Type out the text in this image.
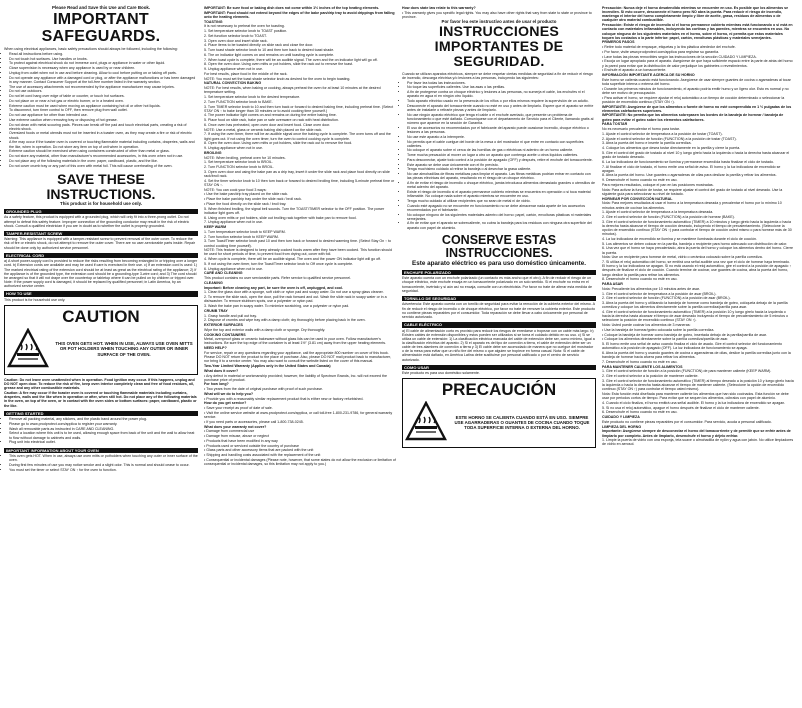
Please Read and Save this Use and Care Book.

IMPORTANT SAFEGUARDS.

When using electrical appliances, basic safety precautions should always be followed, including the following:

• Read all instructions before using.
• Do not touch hot surfaces. Use handles or knobs.
• To protect against electrical shock do not immerse cord, plugs or appliance in water or other liquid.
• Close supervision is necessary when any appliance is used by or near children.
• Unplug from outlet when not in use and before cleaning. Allow to cool before putting on or taking off parts.
• Do not operate any appliance with a damaged cord or plug, or after the appliance malfunctions or has been damaged in any manner. Contact Consumer Support at the toll-free number listed in the warranty section.
• The use of accessory attachments not recommended by the appliance manufacturer may cause injuries.
• Do not use outdoors.
• Do not let cord hang over edge of table or counter, or touch hot surfaces.
• Do not place on or near a hot gas or electric burner, or in a heated oven.
• Extreme caution must be used when moving an appliance containing hot oil or other hot liquids.
• To disconnect, turn timer control to OFF, then remove plug from wall outlet.
• Do not use appliance for other than intended use.
• Use extreme caution when removing tray or disposing of hot grease.
• Do not clean with metal scouring pads. Pieces can break off the pad and touch electrical parts, creating a risk of electric shock.
• Oversized foods or metal utensils must not be inserted in a toaster oven, as they may create a fire or risk of electric shock.
• A fire may occur if the toaster oven is covered or touching flammable material including curtains, draperies, walls and the like, when in operation. Do not store any item on top of unit when in operation.
• Extreme caution should be exercised when using containers constructed of other than metal or glass.
• Do not store any material, other than manufacturer's recommended accessories, in this oven when not in use.
• Do not place any of the following materials in the oven: paper, cardboard, plastic, and the like.
• Do not cover crumb tray or any part of this oven with metal foil. This will cause overheating of the oven.
SAVE THESE INSTRUCTIONS.

This product is for household use only.

GROUNDED PLUG

As a safety feature, this product is equipped with a grounded plug, which will only fit into a three-prong outlet. Do not attempt to defeat this safety feature. Improper connection of the grounding conductor may result in the risk of electric shock. Consult a qualified electrician if you are in doubt as to whether the outlet is properly grounded.

TAMPER-RESISTANT SCREW

Warning: This appliance is equipped with a tamper-resistant screw to prevent removal of the outer cover. To reduce the risk of fire or electric shock, do not attempt to remove the outer cover. There are no user-serviceable parts inside. Repair should be done only by authorized service personnel.

ELECTRICAL CORD

a) A short power-supply cord is provided to reduce the risks resulting from becoming entangled in or tripping over a longer cord. b) Extension cords are available and may be used if care is exercised in their use. c) If an extension cord is used: 1) The marked electrical rating of the extension cord should be at least as great as the electrical rating of the appliance; 2) If the appliance is of the grounded type, the extension cord should be a grounding-type 3-wire cord; and 3) The cord should be arranged so that it will not drape over the countertop or tabletop where it can be pulled on by children or tripped over. Note: If the power supply cord is damaged, it should be replaced by qualified personnel; in Latin America, by an authorized service center.

HOW TO USE

This product is for household use only.

CAUTION
THIS OVEN GETS HOT. WHEN IN USE, ALWAYS USE OVEN MITTS OR POT HOLDERS WHEN TOUCHING ANY OUTER OR INNER SURFACE OF THE OVEN.

Caution: Do not leave oven unattended when in operation. Food ignition may occur. If this happens, unplug and DO NOT open door. To reduce the risk of fire, keep oven interior completely clean and free of food residues, oil, grease and any other combustible materials.

Caution: A fire may occur if the toaster oven is covered or touching flammable materials including curtains, draperies, walls and the like when in operation or after, when still hot. Do not place any of the following materials in the oven, on top of the oven, or in contact with the oven sides or bottom surfaces: paper, cardboard, plastic or the like.

GETTING STARTED
• Remove all packing material, any stickers, and the plastic band around the power plug.
• Please go to www.prodprotect.com/applica to register your warranty.
• Wash all removable parts as instructed in CARE AND CLEANING.
• Select a location where this unit is to be used, allowing enough space from back of the unit and the wall to allow heat to flow without damage to cabinets and walls.
• Plug unit into electrical outlet.
IMPORTANT INFORMATION ABOUT YOUR OVEN
• This oven gets HOT. When in use, always use oven mitts or potholders when touching any outer or inner surface of the oven.
• During first few minutes of use you may notice smoke and a slight odor. This is normal and should cease to occur.
• You must set the timer or select STAY ON ↑ for the oven to function.

IMPORTANT: Be sure food or baking dish does not come within 1½ inches of the top heating elements.

IMPORTANT: Food should not extend beyond the edges of the bake pan/drip tray to avoid drippings from falling onto the heating elements.

TOASTING

It is not necessary to preheat the oven for toasting.

1. Set temperature selector knob to TOAST position.

2. Set function selector knob to TOAST.

3. Open oven door and insert slide rack.

4. Place items to be toasted directly on slide rack and close the door.

5. Turn toast shade selector knob to 10 and then turn back to desired toast shade.

6. The on indicator light comes on and remains on until toasting cycle is complete.

7. When toast cycle is complete, there will be an audible signal. The oven and the on indicator light will go off.

8. Open the oven door. Using oven mitts or pot holders, slide the rack out to remove the toast.

9. Unplug appliance when not in use.

For best results, place food in the middle of the rack.

NOTE: You must set the toast shade selector knob as desired for the oven to begin toasting.

NATURAL CONVECTION BAKING

NOTE: For best results, when baking or cooking, always preheat the oven for at least 10 minutes at the desired temperature setting.

1. Set temperature selector knob to the desired temperature.

2. Turn FUNCTION selector knob to BAKE.

3. Turn TIMER selector knob to 10 and then turn back or forward to desired baking time, including preheat time. (Select STAY ON ↑ to bake longer than 30 minutes or to avoid cooking time yourself.)

4. The power indicator light comes on and remains on during the entire baking time.

5. Place food on slide rack, bake pan or safe ovenware on rack with heat distribution.

6. Once oven has preheated, open oven door and insert food. Close oven door.

NOTE: Use a metal, glass or ceramic baking dish placed on the slide rack.

7. If using the oven timer, there will be an audible signal once the baking cycle is complete. The oven turns off and the light goes out. If not using the oven timer, turn the oven to control cooking cycle is complete.

8. Open the oven door. Using oven mitts or pot holders, slide the rack out to remove the food.

9. Unplug appliance when not in use.

BROILING

NOTE: When broiling, preheat oven for 10 minutes.

1. Set temperature selector knob to BROIL.

2. Turn FUNCTION selector knob to BROIL.

3. Open oven door and using the bake pan as a drip tray, insert it under the slide rack and place food directly on slide rack/broil rack.

4. Set the timer selector knob to 10 then turn back or forward to desired broiling time, including 5-minute preheat time or STAY ON ↑.

NOTE: You can cook your food 3 ways:

• Use the bake pan/drip tray placed on the slide rack.

• Place the bake pan/drip tray under the slide rack / broil rack.

• Place the food directly on the slide rack / broil tray.

5. When finished broiling, the signal bell sounds. Turn the TOAST/TIMER selector to the OFF position. The power indicator light goes off.

6. Using oven mitts or pot holders, slide out broiling rack together with bake pan to remove food.

7. Unplug appliance when not in use.

KEEP WARM

1. Turn temperature selector knob to KEEP WARM.

2. Turn function selector knob to KEEP WARM.

3. Turn Toast/Timer selector knob past 10 and then turn back or forward to desired warming time. (Select Stay On ↑ to control cooking time yourself).

NOTE: This feature is designed to keep already cooked foods warm after they have been cooked. This function should be used for short periods of time, to prevent food from drying out, cover with foil.

4. When cycle is complete, there will be an audible signal. The oven and the power ON indicator light will go off.

5. If not using the oven timer, turn the Toast/Timer selector knob to Off once cycle is complete.

6. Unplug appliance when not in use.

CARE AND CLEANING

This product contains no user serviceable parts. Refer service to qualified service personnel.

CLEANING

Important: Before cleaning any part, be sure the oven is off, unplugged, and cool.

1. Clean the glass door with a sponge, soft cloth or nylon pad and soapy water. Do not use a spray glass cleaner.

2. To remove the slide rack, open the door, pull the rack forward and out. Wash the slide rack in soapy water or in a dishwasher. To remove stubborn spots, use a polyester or nylon pad.

3. Wash the bake pan in soapy water. To minimize scratching, use a polyester or nylon pad.

CRUMB TRAY

1. Grasp handle and pull out tray.

2. Dispose of crumbs and wipe tray with a damp cloth; dry thoroughly before placing back in the oven.

EXTERIOR SURFACES

Wipe the top and exterior walls with a damp cloth or sponge. Dry thoroughly.

COOKING CONTAINERS

Metal, ovenproof glass or ceramic bakeware without glass lids can be used in your oven. Follow manufacturer's instructions. Be sure the top edge of the container is at least 1½" (3.81 cm) away from the upper heating elements.

NEED HELP?

For service, repair or any questions regarding your appliance, call the appropriate 800 number on cover of this book. Please DO NOT return the product to the place of purchase. Also, please DO NOT mail product back to manufacturer, nor bring it to a service center. You may also want to consult the website listed on the cover of this manual.

Two-Year Limited Warranty (Applies only in the United States and Canada)

What does it cover?

• Any defect in material or workmanship provided; however, the liability of Spectrum Brands, Inc. will not exceed the purchase price of product.

For how long?

• Two years from the date of original purchase with proof of such purchase.

What will we do to help you?

• Provide you with a reasonably similar replacement product that is either new or factory refurbished.

How do you get service?

• Save your receipt as proof of date of sale.

• Visit the online service website at www.prodprotect.com/applica, or call toll-free 1-800-231-9786, for general warranty service.

• If you need parts or accessories, please call 1-800-738-0245.

What does your warranty not cover?

• Damage from commercial use

• Damage from misuse, abuse or neglect

• Products that have been modified in any way

• Products used or serviced outside the country of purchase

• Glass parts and other accessory items that are packed with the unit

• Shipping and handling costs associated with the replacement of the unit

• Consequential or incidental damages (Please note, however, that some states do not allow the exclusion or limitation of consequential or incidental damages, so this limitation may not apply to you.)

How does state law relate to this warranty?

• This warranty gives you specific legal rights. You may also have other rights that vary from state to state or province to province.

Por favor lea este instructivo antes de usar el producto

INSTRUCCIONES IMPORTANTES DE SEGURIDAD.

Cuando se utilizan aparatos eléctricos, siempre se debe respetar ciertas medidas de seguridad a fin de reducir el riesgo de incendio, descarga eléctrica y/o lesiones a las personas, incluyendo las siguientes:

• Por favor lea todas las instrucciones.
• No toque las superficies calientes. Use las asas o las perillas.
• A fin de protegerse contra un choque eléctrico y lesiones a las personas, no sumerja el cable, los enchufes ni el aparato en agua ni en ningún otro líquido.
• Todo aparato eléctrico usado en la presencia de los niños o por ellos mismos requiere la supervisión de un adulto.
• Desconecte el aparato del tomacorriente cuando no esté en uso y antes de limpiarlo. Espere que el aparato se enfríe antes de instalarle o retirarle piezas y antes de limpiarlo.
• No use ningún aparato eléctrico que tenga el cable o el enchufe averiado, que presente un problema de funcionamiento o que esté dañado. Comuníquese con el departamento de Servicio para el Cliente, llamando gratis al número que aparece en la sección de Garantía.
• El uso de accesorios no recomendados por el fabricante del aparato puede ocasionar incendio, choque eléctrico o lesiones a las personas.
• No use este aparato a la intemperie.
• No permita que el cable cuelgue del borde de la mesa o del mostrador ni que entre en contacto con superficies calientes.
• No coloque el aparato sobre ni cerca de las hornillas de gas o eléctricas ni adentro de un horno caliente.
• Tome mucha precaución al mover un lugar a otro un aparato que contenga aceite u otros líquidos calientes.
• Para desconectar, ajuste todo control a la posición de apagado (OFF) y después, retire el enchufe del tomacorriente.
• Este aparato se debe usar únicamente con el fin previsto.
• Tenga muchísimo cuidado al retirar la bandeja o al desechar la grasa caliente.
• No use almohadillas de fibras metálicas para limpiar el aparato. Las fibras metálicas podrían entrar en contacto con las piezas eléctricas del aparato, resultando en el riesgo de un choque eléctrico.
• A fin de evitar el riesgo de incendio o choque eléctrico, jamás introduzca alimentos demasiado grandes o utensilios de metal adentro del aparato.
• Existe el riesgo de incendio si el aparato permanece cubierto mientras se encuentra en operación o si toca material inflamable. No coloque nada sobre el aparato mientras se encuentre en uso.
• Tenga mucho cuidado al utilizar recipientes que no sean de metal ni de vidrio.
• Cuando esté apagado no se encuentre en funcionamiento no se debe almacenar nada aparte de los accesorios recomendados por el fabricante.
• No coloque ninguno de los siguientes materiales adentro del horno: papel, cartón, envolturas plásticas ni materiales semejantes.
• A fin de evitar que el aparato se sobrecaliente, no cubra la bandeja para los residuos con ninguna otra superficie del aparato con papel de aluminio.
CONSERVE ESTAS INSTRUCCIONES.
Este aparato eléctrico es para uso doméstico únicamente.
ENCHUFE POLARIZADO

Este aparato cuenta con un enchufe polarizado (un contacto es más ancho que el otro). A fin de reducir el riesgo de un choque eléctrico, este enchufe encaja en un tomacorriente polarizado en un solo sentido. Si el enchufe no entra en el tomacorriente, invértalo y si aún así no encaja, consulte con un electricista. Por favor no trate de alterar esta medida de seguridad.

TORNILLO DE SEGURIDAD

Advertencia: Este aparato cuenta con un tornillo de seguridad para evitar la remoción de la cubierta exterior del mismo. A fin de reducir el riesgo de incendio o de choque eléctrico, por favor no trate de remover la cubierta exterior. Este producto no contiene piezas reparables por el consumidor. Toda reparación se debe llevar a cabo únicamente por personal de servicio autorizado.

CABLE ELÉCTRICO

a) El cable de alimentación corto es provisto para reducir los riesgos de enredarse o tropezar con un cable más largo. b) Existen cables de extensión disponibles y estos pueden ser utilizados si se toma el cuidado debido en su uso. c) Si se utiliza un cable de extensión: 1) La clasificación eléctrica marcada del cable de extensión debe ser, como mínimo, igual a la clasificación eléctrica del aparato. 2) Si el aparato es del tipo de conexión a tierra, el cable de extensión debe ser un cable de tres alambres de conexión a tierra y 3) El cable debe ser acomodado de manera que no cuelgue del mostrador o de la mesa para evitar que un niño tire del mismo o que alguien se tropiece en forma casual. Nota: Si el cable de alimentación está dañado, en América Latina debe sustituirse por personal calificado o por el centro de servicio autorizado.

COMO USAR

Este producto es para uso doméstico solamente.

PRECAUCIÓN
ESTE HORNO SE CALIENTA CUANDO ESTÁ EN USO. SIEMPRE USE AGARRADERAS O GUANTES DE COCINA CUANDO TOQUE TODA SUPERFICIE INTERNA O EXTERNA DEL HORNO.

Precaución: Nunca deje el horno desatendido mientras se encuentre en uso. Es posible que los alimentos se incendien. Si esto ocurre, desconecte el horno pero NO abra la puerta. Para reducir el riesgo de incendio, mantenga el interior del horno completamente limpio y libre de aceite, grasa, residuos de alimentos o de cualquier otro material combustible.

Precaución: Existe el riesgo de incendio si el horno permanece cubierto mientras está funcionando o si está en contacto con materiales inflamables, incluyendo las cortinas y las paredes, mientras se encuentra en uso. No coloque ninguno de los siguientes materiales en el horno, sobre el horno, ni permita que estos materiales toquen los costados o la parte inferior: papel, cartón, envolturas plásticas y materiales semejantes.

PRIMEROS PASOS

• Retire todo material de empaque, etiquetas y la tira plástica alrededor del enchufe.

• Por favor, visite www.prodprotect.com/applica para registrar su garantía.

• Lave todas las piezas removibles según las instrucciones de la sección CUIDADO Y LIMPIEZA.

• Escoja un lugar apropiado para el aparato. Asegúrese de que haya suficiente espacio entre la parte de atrás del horno y la pared para evitar que la distribución de calor perjudique los gabinetes o revestimientos.

• Enchufe el aparato a un tomacorriente.

INFORMACIÓN IMPORTANTE ACERCA DE SU HORNO

Este horno se calienta cuando está funcionando. Asegúrese de usar siempre guantes de cocina o agarraderas al tocar toda superficie interna o externa del horno.

• Durante los primeros minutos de funcionamiento, el aparato podría emitir humo y un ligero olor. Esto es normal y no debe ser motivo de preocupación.

• Para activar el horno, se requiere ajustar el reloj automático a un tiempo de cocción determinado o seleccionar la posición de encendido continuo (STAY ON ↑).

IMPORTANTE: Asegúrese de que los alimentos o fuente de horno no esté comprendida en 1 ½ pulgadas de los elementos calefactores superiores.

IMPORTANTE: No permita que los alimentos sobrepasen los bordes de la bandeja de hornear / bandeja de goteo para evitar el goteo sobre los elementos calefactores.

PARA TOSTAR

No es necesario precalentar el horno para tostar.

1. Ajuste el control selector de temperatura a la posición de tostar (TOAST).

2. Ajuste el control selector de función (FUNCTION) a la posición de tostar (TOAST).

3. Abra la puerta del horno e inserte la parrilla corrediza.

4. Coloque los alimentos que desea tostar directamente en la parrilla y cierre la puerta.

5. Gire el control del grado de tostado al nivel 10 y luego girelo hacia la izquierda o hacia la derecha hasta alcanzar el grado de tostado deseado.

6. La luz indicadora de funcionamiento se ilumina y permanece encendida hasta finalizar el ciclo de tostado.

7. Al finalizar el ciclo de tostado, el horno emite una señal de aviso. El horno y la luz indicadora de encendido se apagan.

8. Abra la puerta del horno. Use guantes o agarraderas de ollas para deslizar la parrilla y retirar los alimentos.

9. Desenchufe el horno cuando no esté en uso.

Para mejores resultados, coloque el pan en las posiciones mostradas.

Nota: Para activar la función de tostar, se requiere ajustar el control del grado de tostado al nivel deseado. Use la siguiente guía para seleccionar su nivel de tostado.

HORNEAR POR CONVECCIÓN NATURAL

Nota: Para mejores resultados al usar el horno a la temperatura deseada y precalentar el horno por lo mínimo 10 minutos antes de cocinar los alimentos.

1. Ajuste el control selector de temperatura a la temperatura deseada.

2. Gire el control selector de función (FUNCTION) a la posición de hornear (BAKE).

3. Gire el control selector de funcionamiento automático (TIMER) a 10 minutos y luego girelo hacia la izquierda o hacia la derecha hasta alcanzar el tiempo de cocción deseado, incluyendo el tiempo de precalentamiento. (Seleccione la opción de encendido continuo (STAY ON ↑) para controlar el tiempo de cocción usted mismo o para hornear más de 30 minutos).

4. La luz indicadora de encendido se ilumina y se mantiene iluminada durante el ciclo de cocción.

5. Los alimentos se deben colocar en la parrilla, bandeja o recipiente para horno adecuado con distribución de calor.

6. Una vez que el horno se haya precalentado, abra la puerta del horno y coloque los alimentos dentro del horno. Cierre la puerta.

Nota: Use un recipiente para hornear de metal, vidrio o cerámica colocado sobre la parrilla corrediza.

7. Si utiliza el reloj automático del horno, se emitirá una señal audible una vez que el ciclo de hornear haya terminado. El horno y la luz indicadora se apagan. Si no está usando el reloj automático, gire el control a la posición de apagado ↑ después de finalizar el ciclo de cocción. Cuando termine de cocinar, use guantes de cocina, abra la puerta del horno, luego deslice la parrilla para retirar los alimentos.

8. Desenchufe el horno cuando no esté en uso.

PARA ASAR

Nota: Precaliente los alimentos por 10 minutos antes de asar.

1. Gire el control selector de temperatura a la posición de asar (BROIL).

2. Gire el control selector de función (FUNCTION) a la posición de asar (BROIL).

3. Abra la puerta del horno y utilizando la bandeja de hornear como bandeja de goteo, colóquela debajo de la parrilla corrediza y coloque los alimentos directamente sobre la parrilla corrediza/parrilla para asar.

4. Gire el control selector de funcionamiento automático (TIMER) a la posición 10 y luego girelo hacia la izquierda o hacia la derecha hasta alcanzar el tiempo de asar deseado incluyendo el tiempo de precalentamiento de 5 minutos o seleccione la posición de encendido continuo (STAY ON ↑).

Nota: Usted puede cocinar los alimentos de 3 maneras:

• Use la bandeja de hornear/goteo colocada sobre la parrilla corrediza.

• Coloque la bandeja de hornear como bandeja de goteo, insertada debajo de la parrilla/parrilla de asar.

• Coloque los alimentos directamente sobre la parrilla corrediza/parrilla de asar.

5. El horno emite una señal de aviso cuando finaliza el ciclo de asado. Gire el control selector del funcionamiento automático a la posición de apagado (OFF). La luz indicadora de funcionamiento se apaga.

6. Abra la puerta del horno y usando guantes de cocina o agarraderas de ollas, deslice la parrilla corrediza junto con la bandeja de hornear hacia afuera para retirar los alimentos.

7. Desenchufe el horno cuando no esté en uso.

PARA MANTENER CALIENTE LOS ALIMENTOS

1. Gire el control selector de función a la posición (FUNCTION) de para mantener caliente (KEEP WARM).

2. Gire el control selector a la posición de mantener caliente.

3. Gire el control selector de funcionamiento automático (TIMER) al tiempo deseado a la posición 10 y luego girelo hacia la izquierda o hacia la derecha hasta alcanzar el tiempo de mantener caliente. (Seleccione la opción de encendido continuo (STAY ON ↑) para controlar el tiempo usted mismo).

Nota: Esta función está diseñada para mantener caliente los alimentos que han sido cocinados. Esta función se debe usar por periodos cortos de tiempo. Para evitar que se sequen los alimentos, cúbralos con papel de aluminio.

4. Cuando el ciclo finaliza, el horno emitirá una señal audible. El horno y la luz indicadora de encendido se apagan.

5. Si no usa el reloj automático, apague el horno después de finalizar el ciclo de mantener caliente.

6. Desenchufe el horno cuando no esté en uso.

CUIDADO Y LIMPIEZA

Este producto no contiene piezas reparables por el consumidor. Para servicio, acuda a personal calificado.

LIMPIEZA DEL HORNO

Importante: Asegúrese siempre de desconectar el horno del tomacorriente y de permitir que se enfríe antes de limpiarlo por completo. Antes de limpiarlo, desenchufe el horno y déjelo enfriar.

1. Limpie la puerta de vidrio con una esponja, tela suave o almohadilla de nylón y agua con jabón. No utilice limpiadores de vidrio en aerosol.
